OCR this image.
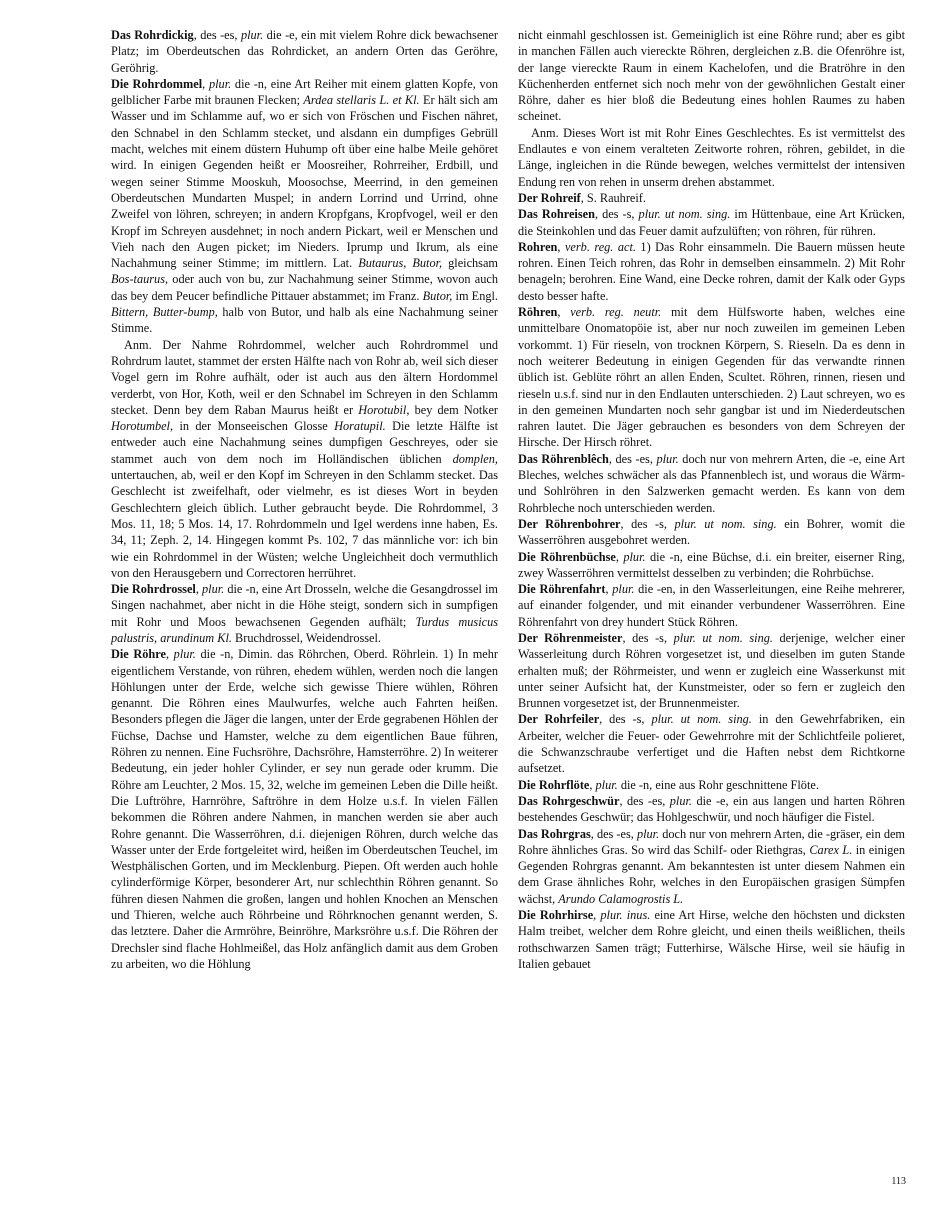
Das Rohrdickig, des -es, plur. die -e, ein mit vielem Rohre dick bewachsener Platz; im Oberdeutschen das Rohrdicket, an andern Orten das Geröhre, Geröhrig.

Die Rohrdommel, plur. die -n, eine Art Reiher mit einem glatten Kopfe, von gelblicher Farbe mit braunen Flecken; Ardea stellaris L. et Kl. Er hält sich am Wasser und im Schlamme auf, wo er sich von Fröschen und Fischen nähret, den Schnabel in den Schlamm stecket, und alsdann ein dumpfiges Gebrüll macht, welches mit einem düstern Huhump oft über eine halbe Meile gehöret wird. In einigen Gegenden heißt er Moosreiher, Rohrreiher, Erdbill, und wegen seiner Stimme Mooskuh, Moosochse, Meerrind, in den gemeinen Oberdeutschen Mundarten Muspel; in andern Lorrind und Urrind, ohne Zweifel von löhren, schreyen; in andern Kropfgans, Kropfvogel, weil er den Kropf im Schreyen ausdehnet; in noch andern Pickart, weil er Menschen und Vieh nach den Augen picket; im Nieders. Iprump und Ikrum, als eine Nachahmung seiner Stimme; im mittlern. Lat. Butaurus, Butor, gleichsam Bos-taurus, oder auch von bu, zur Nachahmung seiner Stimme, wovon auch das bey dem Peucer befindliche Pittauer abstammet; im Franz. Butor, im Engl. Bittern, Butter-bump, halb von Butor, und halb als eine Nachahmung seiner Stimme.

Anm. Der Nahme Rohrdommel, welcher auch Rohrdrommel und Rohrdrum lautet, stammet der ersten Hälfte nach von Rohr ab, weil sich dieser Vogel gern im Rohre aufhält, oder ist auch aus den ältern Hordommel verderbt, von Hor, Koth, weil er den Schnabel im Schreyen in den Schlamm stecket. Denn bey dem Raban Maurus heißt er Horotubil, bey dem Notker Horotumbel, in der Monseeischen Glosse Horatupil. Die letzte Hälfte ist entweder auch eine Nachahmung seines dumpfigen Geschreyes, oder sie stammet auch von dem noch im Holländischen üblichen domplen, untertauchen, ab, weil er den Kopf im Schreyen in den Schlamm stecket. Das Geschlecht ist zweifelhaft, oder vielmehr, es ist dieses Wort in beyden Geschlechtern gleich üblich. Luther gebraucht beyde. Die Rohrdommel, 3 Mos. 11, 18; 5 Mos. 14, 17. Rohrdommeln und Igel werdens inne haben, Es. 34, 11; Zeph. 2, 14. Hingegen kommt Ps. 102, 7 das männliche vor: ich bin wie ein Rohrdommel in der Wüsten; welche Ungleichheit doch vermuthlich von den Herausgebern und Correctoren herrühret.

Die Rohrdrossel, plur. die -n, eine Art Drosseln, welche die Gesangdrossel im Singen nachahmet, aber nicht in die Höhe steigt, sondern sich in sumpfigen mit Rohr und Moos bewachsenen Gegenden aufhält; Turdus musicus palustris, arundinum Kl. Bruchdrossel, Weidendrossel.

Die Röhre, plur. die -n, Dimin. das Röhrchen, Oberd. Röhrlein. 1) In mehr eigentlichem Verstande, von rühren, ehedem wühlen, werden noch die langen Höhlungen unter der Erde, welche sich gewisse Thiere wühlen, Röhren genannt. Die Röhren eines Maulwurfes, welche auch Fahrten heißen. Besonders pflegen die Jäger die langen, unter der Erde gegrabenen Höhlen der Füchse, Dachse und Hamster, welche zu dem eigentlichen Baue führen, Röhren zu nennen. Eine Fuchsröhre, Dachsröhre, Hamsterröhre. 2) In weiterer Bedeutung, ein jeder hohler Cylinder, er sey nun gerade oder krumm. Die Röhre am Leuchter, 2 Mos. 15, 32, welche im gemeinen Leben die Dille heißt. Die Luftröhre, Harnröhre, Saftröhre in dem Holze u.s.f. In vielen Fällen bekommen die Röhren andere Nahmen, in manchen werden sie aber auch Rohre genannt. Die Wasserröhren, d.i. diejenigen Röhren, durch welche das Wasser unter der Erde fortgeleitet wird, heißen im Oberdeutschen Teuchel, im Westphälischen Gorten, und im Mecklenburg. Piepen. Oft werden auch hohle cylinderförmige Körper, besonderer Art, nur schlechthin Röhren genannt. So führen diesen Nahmen die großen, langen und hohlen Knochen an Menschen und Thieren, welche auch Röhrbeine und Röhrknochen genannt werden, S. das letztere. Daher die Armröhre, Beinröhre, Marksröhre u.s.f. Die Röhren der Drechsler sind flache Hohlmeißel, das Holz anfänglich damit aus dem Groben zu arbeiten, wo die Höhlung

nicht einmahl geschlossen ist. Gemeiniglich ist eine Röhre rund; aber es gibt in manchen Fällen auch viereckte Röhren, dergleichen z.B. die Ofenröhre ist, der lange viereckte Raum in einem Kachelofen, und die Bratröhre in den Küchenherden entfernet sich noch mehr von der gewöhnlichen Gestalt einer Röhre, daher es hier bloß die Bedeutung eines hohlen Raumes zu haben scheinet.

Anm. Dieses Wort ist mit Rohr Eines Geschlechtes. Es ist vermittelst des Endlautes e von einem veralteten Zeitworte rohren, röhren, gebildet, in die Länge, ingleichen in die Ründe bewegen, welches vermittelst der intensiven Endung ren von rehen in unserm drehen abstammet.

Der Rohreif, S. Rauhreif.

Das Rohreisen, des -s, plur. ut nom. sing. im Hüttenbaue, eine Art Krücken, die Steinkohlen und das Feuer damit aufzulüften; von röhren, für rühren.

Rohren, verb. reg. act. 1) Das Rohr einsammeln. Die Bauern müssen heute rohren. Einen Teich rohren, das Rohr in demselben einsammeln. 2) Mit Rohr benageln; berohren. Eine Wand, eine Decke rohren, damit der Kalk oder Gyps desto besser hafte.

Röhren, verb. reg. neutr. mit dem Hülfsworte haben, welches eine unmittelbare Onomatopöie ist, aber nur noch zuweilen im gemeinen Leben vorkommt. 1) Für rieseln, von trocknen Körpern, S. Rieseln. Da es denn in noch weiterer Bedeutung in einigen Gegenden für das verwandte rinnen üblich ist. Geblüte röhrt an allen Enden, Scultet. Röhren, rinnen, riesen und rieseln u.s.f. sind nur in den Endlauten unterschieden. 2) Laut schreyen, wo es in den gemeinen Mundarten noch sehr gangbar ist und im Niederdeutschen rahren lautet. Die Jäger gebrauchen es besonders von dem Schreyen der Hirsche. Der Hirsch röhret.

Das Röhrenblêch, des -es, plur. doch nur von mehrern Arten, die -e, eine Art Bleches, welches schwächer als das Pfannenblech ist, und woraus die Wärm- und Sohlröhren in den Salzwerken gemacht werden. Es kann von dem Rohrbleche noch unterschieden werden.

Der Röhrenbohrer, des -s, plur. ut nom. sing. ein Bohrer, womit die Wasserröhren ausgebohret werden.

Die Röhrenbüchse, plur. die -n, eine Büchse, d.i. ein breiter, eiserner Ring, zwey Wasserröhren vermittelst desselben zu verbinden; die Rohrbüchse.

Die Röhrenfahrt, plur. die -en, in den Wasserleitungen, eine Reihe mehrerer, auf einander folgender, und mit einander verbundener Wasserröhren. Eine Röhrenfahrt von drey hundert Stück Röhren.

Der Röhrenmeister, des -s, plur. ut nom. sing. derjenige, welcher einer Wasserleitung durch Röhren vorgesetzet ist, und dieselben im guten Stande erhalten muß; der Röhrmeister, und wenn er zugleich eine Wasserkunst mit unter seiner Aufsicht hat, der Kunstmeister, oder so fern er zugleich den Brunnen vorgesetzet ist, der Brunnenmeister.

Der Rohrfeiler, des -s, plur. ut nom. sing. in den Gewehrfabriken, ein Arbeiter, welcher die Feuer- oder Gewehrrohre mit der Schlichtfeile polieret, die Schwanzschraube verfertiget und die Haften nebst dem Richtkorne aufsetzet.

Die Rohrflöte, plur. die -n, eine aus Rohr geschnittene Flöte.

Das Rohrgeschwür, des -es, plur. die -e, ein aus langen und harten Röhren bestehendes Geschwür; das Hohlgeschwür, und noch häufiger die Fistel.

Das Rohrgras, des -es, plur. doch nur von mehrern Arten, die -gräser, ein dem Rohre ähnliches Gras. So wird das Schilf- oder Riethgras, Carex L. in einigen Gegenden Rohrgras genannt. Am bekanntesten ist unter diesem Nahmen ein dem Grase ähnliches Rohr, welches in den Europäischen grasigen Sümpfen wächst, Arundo Calamogrostis L.

Die Rohrhirse, plur. inus. eine Art Hirse, welche den höchsten und dicksten Halm treibet, welcher dem Rohre gleicht, und einen theils weißlichen, theils rothschwarzen Samen trägt; Futterhirse, Wälsche Hirse, weil sie häufig in Italien gebauet

113
